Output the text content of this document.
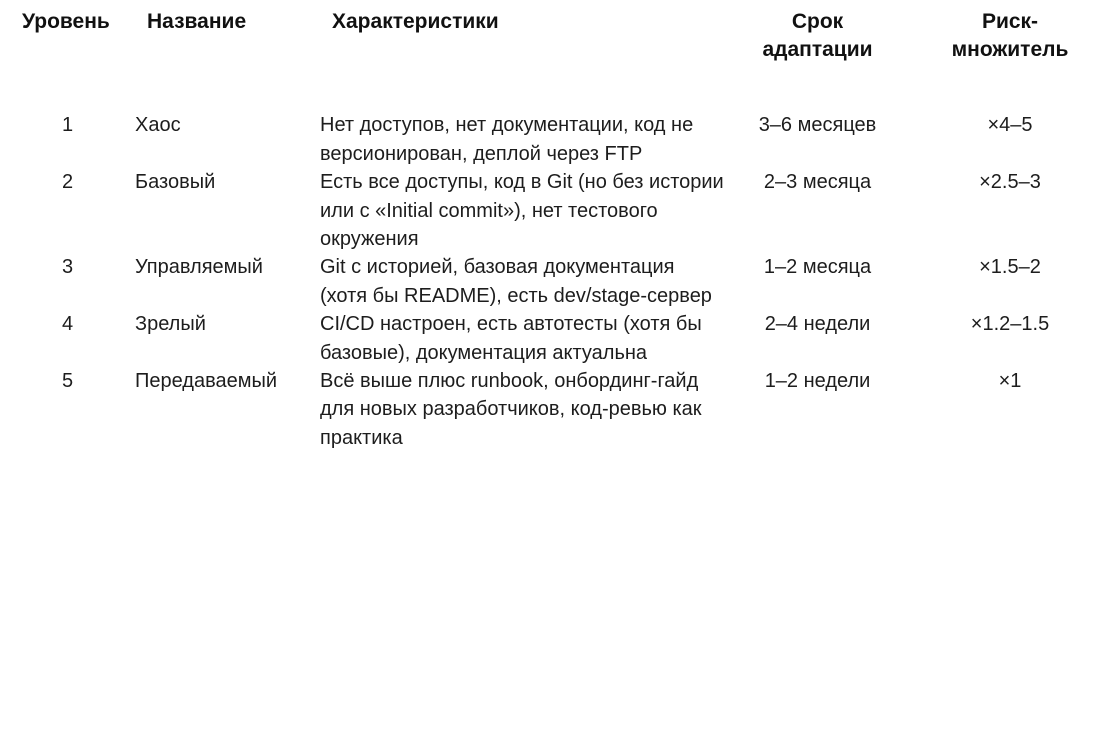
Уровень	Название	Характеристики	Срок адаптации	Риск-множитель
1	Хаос	Нет доступов, нет документации, код не версионирован, деплой через FTP	3–6 месяцев	×4–5
2	Базовый	Есть все доступы, код в Git (но без истории или с «Initial commit»), нет тестового окружения	2–3 месяца	×2.5–3
3	Управляемый	Git с историей, базовая документация (хотя бы README), есть dev/stage-сервер	1–2 месяца	×1.5–2
4	Зрелый	CI/CD настроен, есть автотесты (хотя бы базовые), документация актуальна	2–4 недели	×1.2–1.5
5	Передаваемый	Всё выше плюс runbook, онбординг-гайд для новых разработчиков, код-ревью как практика	1–2 недели	×1
